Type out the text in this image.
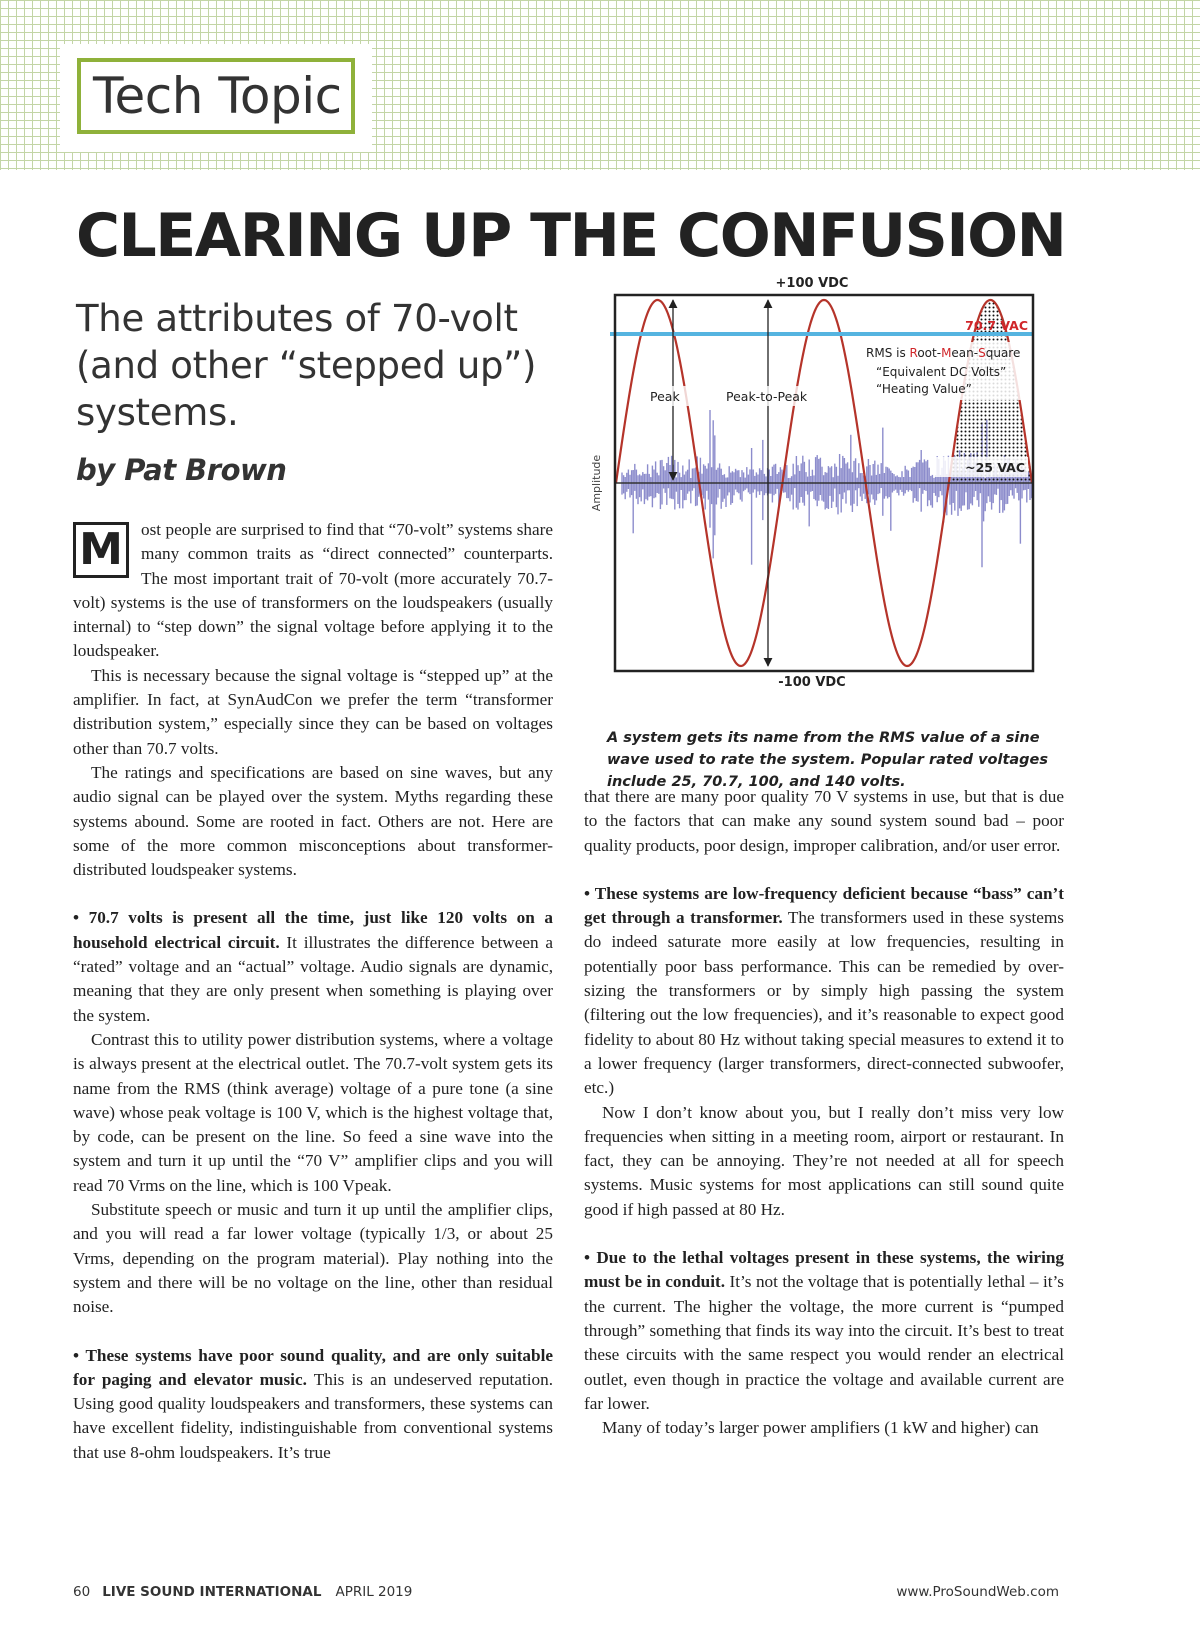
Tech Topic
CLEARING UP THE CONFUSION
The attributes of 70-volt (and other “stepped up”) systems.
by Pat Brown
+100 VDC
-100 VDC
Amplitude
70.7 VAC
RMS is Root-Mean-Square
“Equivalent DC Volts”
“Heating Value”
Peak	Peak-to-Peak
~25 VAC

A system gets its name from the RMS value of a sine wave used to rate the system. Popular rated voltages include 25, 70.7, 100, and 140 volts.

M	ost people are surprised to find that “70-volt” systems share many common traits as “direct connected” counterparts. The most important trait of 70-volt (more accurately 70.7-volt) systems is the use of transformers on the loudspeakers (usually internal) to “step down” the signal voltage before applying it to the loudspeaker.

This is necessary because the signal voltage is “stepped up” at the amplifier. In fact, at SynAudCon we prefer the term “transformer distribution system,” especially since they can be based on voltages other than 70.7 volts.

The ratings and specifications are based on sine waves, but any audio signal can be played over the system. Myths regarding these systems abound. Some are rooted in fact. Others are not. Here are some of the more common misconceptions about transformer-distributed loudspeaker systems.

• 70.7 volts is present all the time, just like 120 volts on a household electrical circuit. It illustrates the difference between a “rated” voltage and an “actual” voltage. Audio signals are dynamic, meaning that they are only present when something is playing over the system.

Contrast this to utility power distribution systems, where a voltage is always present at the electrical outlet. The 70.7-volt system gets its name from the RMS (think average) voltage of a pure tone (a sine wave) whose peak voltage is 100 V, which is the highest voltage that, by code, can be present on the line. So feed a sine wave into the system and turn it up until the “70 V” amplifier clips and you will read 70 Vrms on the line, which is 100 Vpeak.

Substitute speech or music and turn it up until the amplifier clips, and you will read a far lower voltage (typically 1/3, or about 25 Vrms, depending on the program material). Play nothing into the system and there will be no voltage on the line, other than residual noise.

• These systems have poor sound quality, and are only suitable for paging and elevator music. This is an undeserved reputation. Using good quality loudspeakers and transformers, these systems can have excellent fidelity, indistinguishable from conventional systems that use 8-ohm loudspeakers. It’s true

that there are many poor quality 70 V systems in use, but that is due to the factors that can make any sound system sound bad – poor quality products, poor design, improper calibration, and/or user error.

• These systems are low-frequency deficient because “bass” can’t get through a transformer. The transformers used in these systems do indeed saturate more easily at low frequencies, resulting in potentially poor bass performance. This can be remedied by over-sizing the transformers or by simply high passing the system (filtering out the low frequencies), and it’s reasonable to expect good fidelity to about 80 Hz without taking special measures to extend it to a lower frequency (larger transformers, direct-connected subwoofer, etc.)

Now I don’t know about you, but I really don’t miss very low frequencies when sitting in a meeting room, airport or restaurant. In fact, they can be annoying. They’re not needed at all for speech systems. Music systems for most applications can still sound quite good if high passed at 80 Hz.

• Due to the lethal voltages present in these systems, the wiring must be in conduit. It’s not the voltage that is potentially lethal – it’s the current. The higher the voltage, the more current is “pumped through” something that finds its way into the circuit. It’s best to treat these circuits with the same respect you would render an electrical outlet, even though in practice the voltage and available current are far lower.

Many of today’s larger power amplifiers (1 kW and higher) can

60 LIVE SOUND INTERNATIONAL APRIL 2019	www.ProSoundWeb.com
